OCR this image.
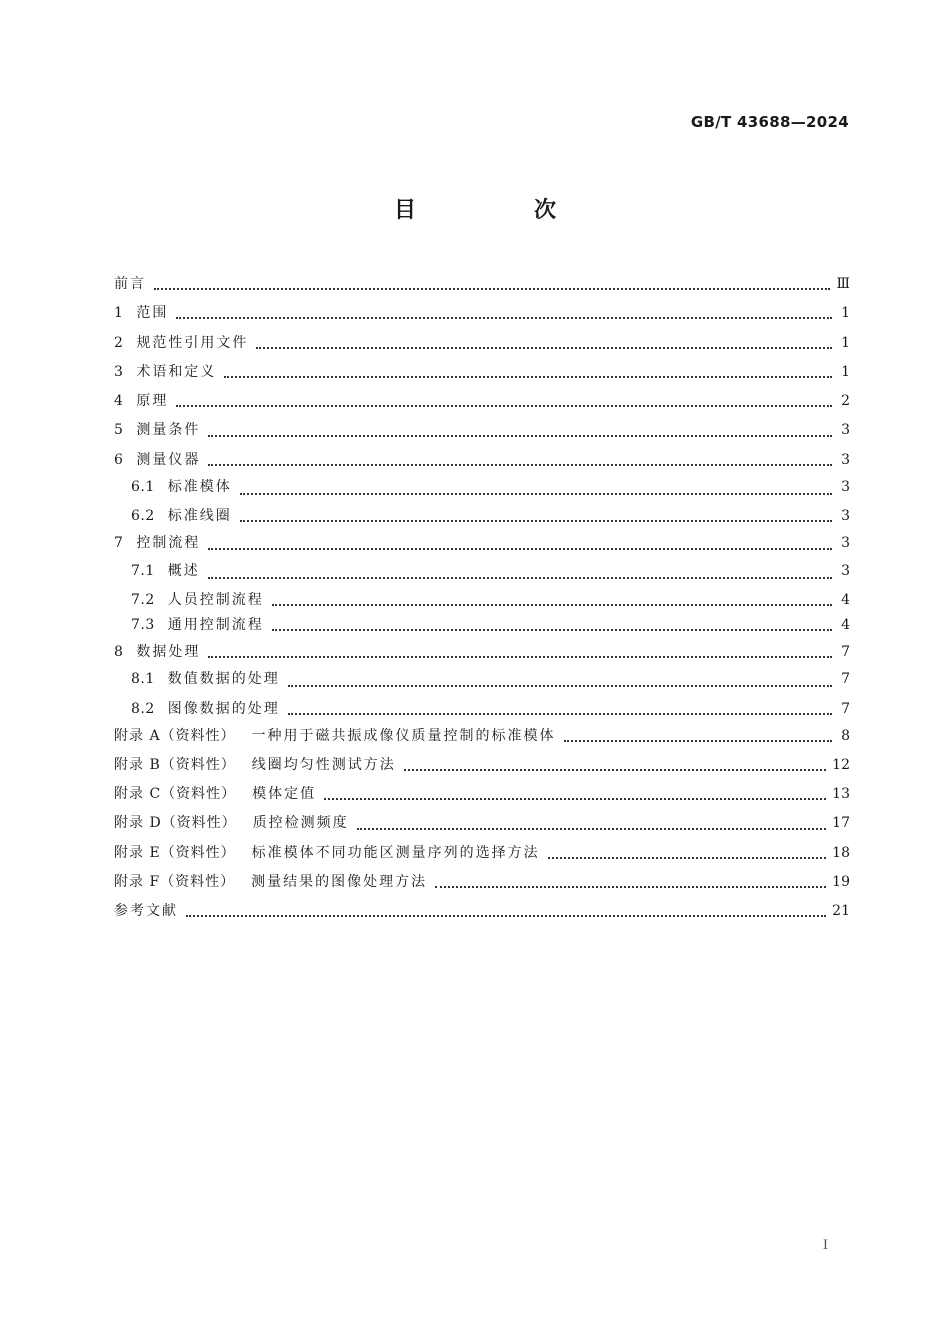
GB/T 43688—2024
目　次
前言	Ⅲ
1 范围	1
2 规范性引用文件	1
3 术语和定义	1
4 原理	2
5 测量条件	3
6 测量仪器	3
6.1 标准模体	3
6.2 标准线圈	3
7 控制流程	3
7.1 概述	3
7.2 人员控制流程	4
7.3 通用控制流程	4
8 数据处理	7
8.1 数值数据的处理	7
8.2 图像数据的处理	7
附录 A（资料性） 一种用于磁共振成像仪质量控制的标准模体	8
附录 B（资料性） 线圈均匀性测试方法	12
附录 C（资料性） 模体定值	13
附录 D（资料性） 质控检测频度	17
附录 E（资料性） 标准模体不同功能区测量序列的选择方法	18
附录 F（资料性） 测量结果的图像处理方法	19
参考文献	21
Ⅰ
